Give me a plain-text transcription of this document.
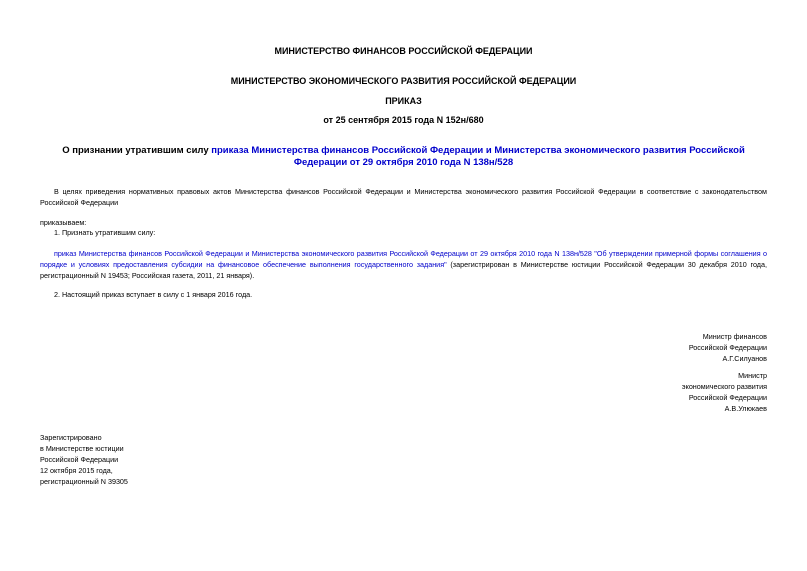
МИНИСТЕРСТВО ФИНАНСОВ РОССИЙСКОЙ ФЕДЕРАЦИИ
МИНИСТЕРСТВО ЭКОНОМИЧЕСКОГО РАЗВИТИЯ РОССИЙСКОЙ ФЕДЕРАЦИИ
ПРИКАЗ
от 25 сентября 2015 года N 152н/680
О признании утратившим силу приказа Министерства финансов Российской Федерации и Министерства экономического развития Российской Федерации от 29 октября 2010 года N 138н/528
В целях приведения нормативных правовых актов Министерства финансов Российской Федерации и Министерства экономического развития Российской Федерации в соответствие с законодательством Российской Федерации
приказываем:
1. Признать утратившим силу:
приказ Министерства финансов Российской Федерации и Министерства экономического развития Российской Федерации от 29 октября 2010 года N 138н/528 "Об утверждении примерной формы соглашения о порядке и условиях предоставления субсидии на финансовое обеспечение выполнения государственного задания" (зарегистрирован в Министерстве юстиции Российской Федерации 30 декабря 2010 года, регистрационный N 19453; Российская газета, 2011, 21 января).
2. Настоящий приказ вступает в силу с 1 января 2016 года.
Министр финансов
Российской Федерации
А.Г.Силуанов
Министр
экономического развития
Российской Федерации
А.В.Улюкаев
Зарегистрировано
в Министерстве юстиции
Российской Федерации
12 октября 2015 года,
регистрационный N 39305
